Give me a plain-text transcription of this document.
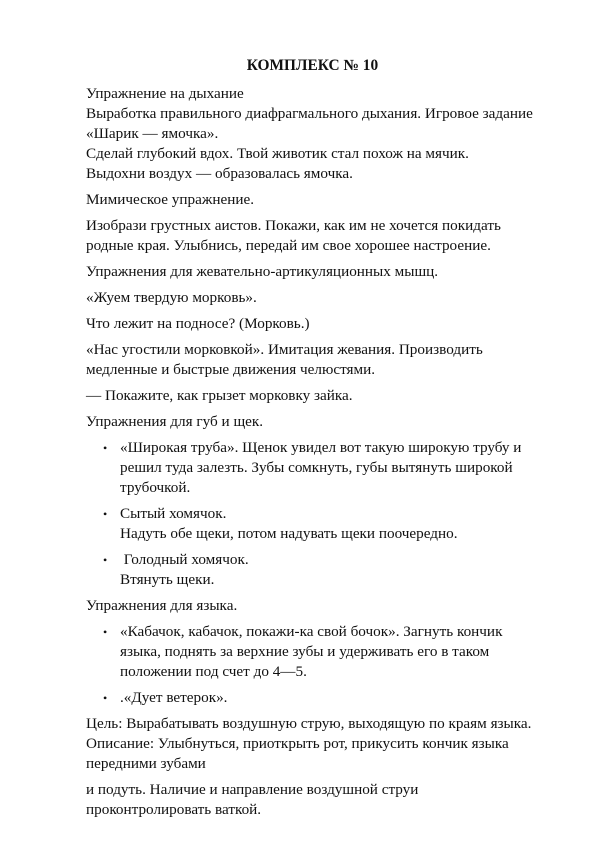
КОМПЛЕКС № 10

Упражнение на дыхание

Выработка правильного диафрагмального дыхания. Игровое задание

«Шарик — ямочка».

Сделай глубокий вдох. Твой животик стал похож на мячик.

Выдохни воздух — образовалась ямочка.

Мимическое упражнение.

Изобрази грустных аистов. Покажи, как им не хочется покидать
родные края. Улыбнись, передай им свое хорошее настроение.

Упражнения для жевательно-артикуляционных мышц.

«Жуем твердую морковь».

Что лежит на подносе? (Морковь.)

«Нас угостили морковкой». Имитация жевания. Производить
медленные и быстрые движения челюстями.

— Покажите, как грызет морковку зайка.

Упражнения для губ и щек.

• «Широкая труба». Щенок увидел вот такую широкую трубу и
решил туда залезть. Зубы сомкнуть, губы вытянуть широкой
трубочкой.
• Сытый хомячок.
Надуть обе щеки, потом надувать щеки поочередно.
•  Голодный хомячок.
Втянуть щеки.

Упражнения для языка.

• «Кабачок, кабачок, покажи-ка свой бочок». Загнуть кончик
языка, поднять за верхние зубы и удерживать его в таком
положении под счет до 4—5.
• .«Дует ветерок».

Цель: Вырабатывать воздушную струю, выходящую по краям языка.

Описание: Улыбнуться, приоткрыть рот, прикусить кончик языка
передними зубами

и подуть. Наличие и направление воздушной струи

проконтролировать ваткой.
